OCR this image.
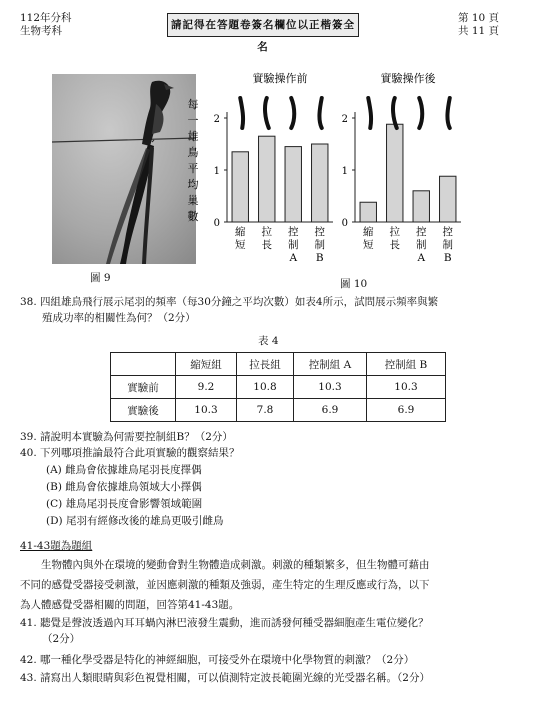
112年分科
生物考科	請記得在答題卷簽名欄位以正楷簽全名
第 10 頁
共 11 頁
圖 9
每
一
雄
鳥
平
均
巢
數
實驗操作前
0
1
2
縮
短
拉
長
控
制
A
控
制
B
實驗操作後
0
1
2
縮
短
拉
長
控
制
A
控
制
B
圖 10
38. 四組雄鳥飛行展示尾羽的頻率（每30分鐘之平均次數）如表4所示，試問展示頻率與繁
殖成功率的相關性為何？（2分）
表 4
	縮短組	拉長組	控制組 A	控制組 B
實驗前	9.2	10.8	10.3	10.3
實驗後	10.3	7.8	6.9	6.9
39. 請說明本實驗為何需要控制組B？（2分）
40. 下列哪項推論最符合此項實驗的觀察結果？
(A) 雌鳥會依據雄鳥尾羽長度擇偶
(B) 雌鳥會依據雄鳥領域大小擇偶
(C) 雄鳥尾羽長度會影響領域範圍
(D) 尾羽有經修改後的雄鳥更吸引雌鳥
41-43題為題組
生物體內與外在環境的變動會對生物體造成刺激。刺激的種類繁多，但生物體可藉由
不同的感覺受器接受刺激，並因應刺激的種類及強弱，產生特定的生理反應或行為，以下
為人體感覺受器相關的問題，回答第41-43題。
41. 聽覺是聲波透過內耳耳蝸內淋巴液發生震動，進而誘發何種受器細胞產生電位變化？
（2分）
42. 哪一種化學受器是特化的神經細胞，可接受外在環境中化學物質的刺激？（2分）
43. 請寫出人類眼睛與彩色視覺相關，可以偵測特定波長範圍光線的光受器名稱。（2分）
